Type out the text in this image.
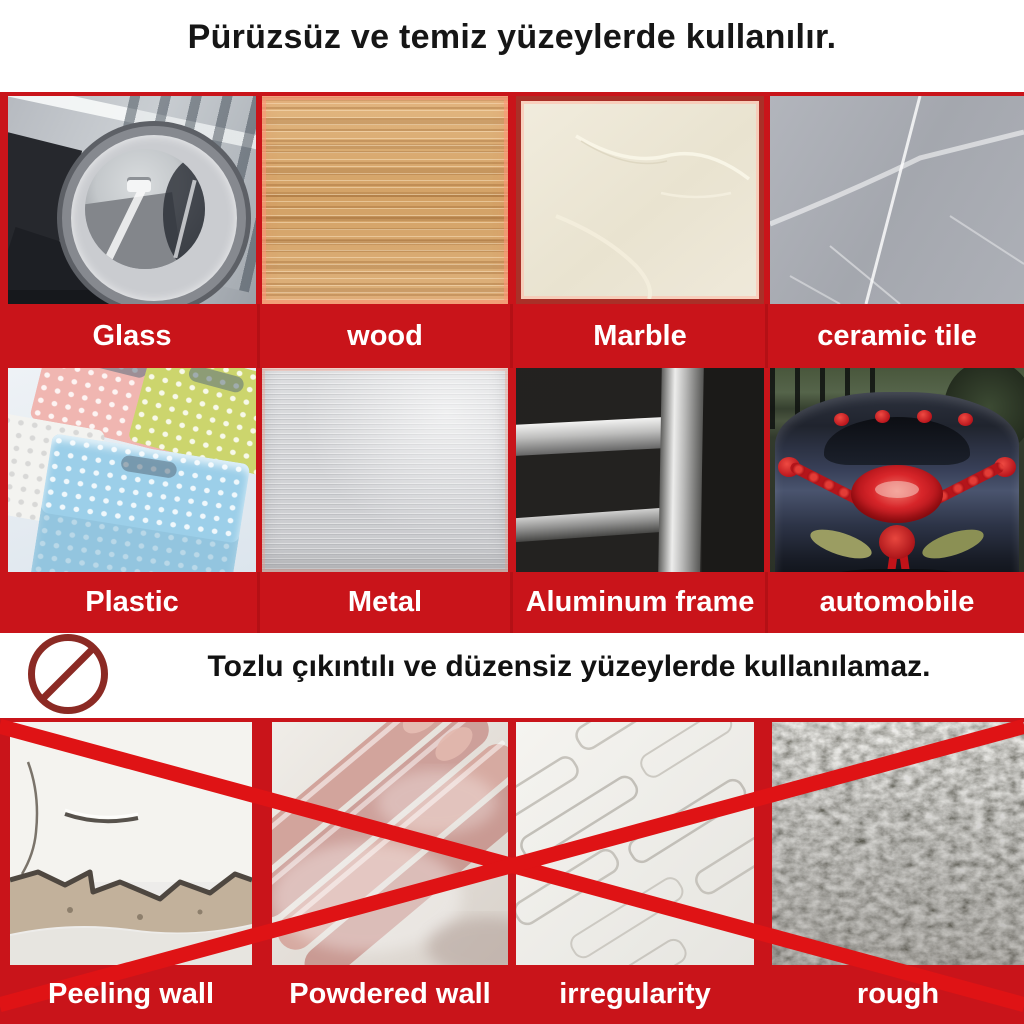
Pürüzsüz ve temiz yüzeylerde kullanılır.
Glass	wood	Marble	ceramic tile
Plastic	Metal	Aluminum frame	automobile
Tozlu çıkıntılı ve düzensiz yüzeylerde kullanılamaz.
Peeling wall	Powdered wall	irregularity	rough
